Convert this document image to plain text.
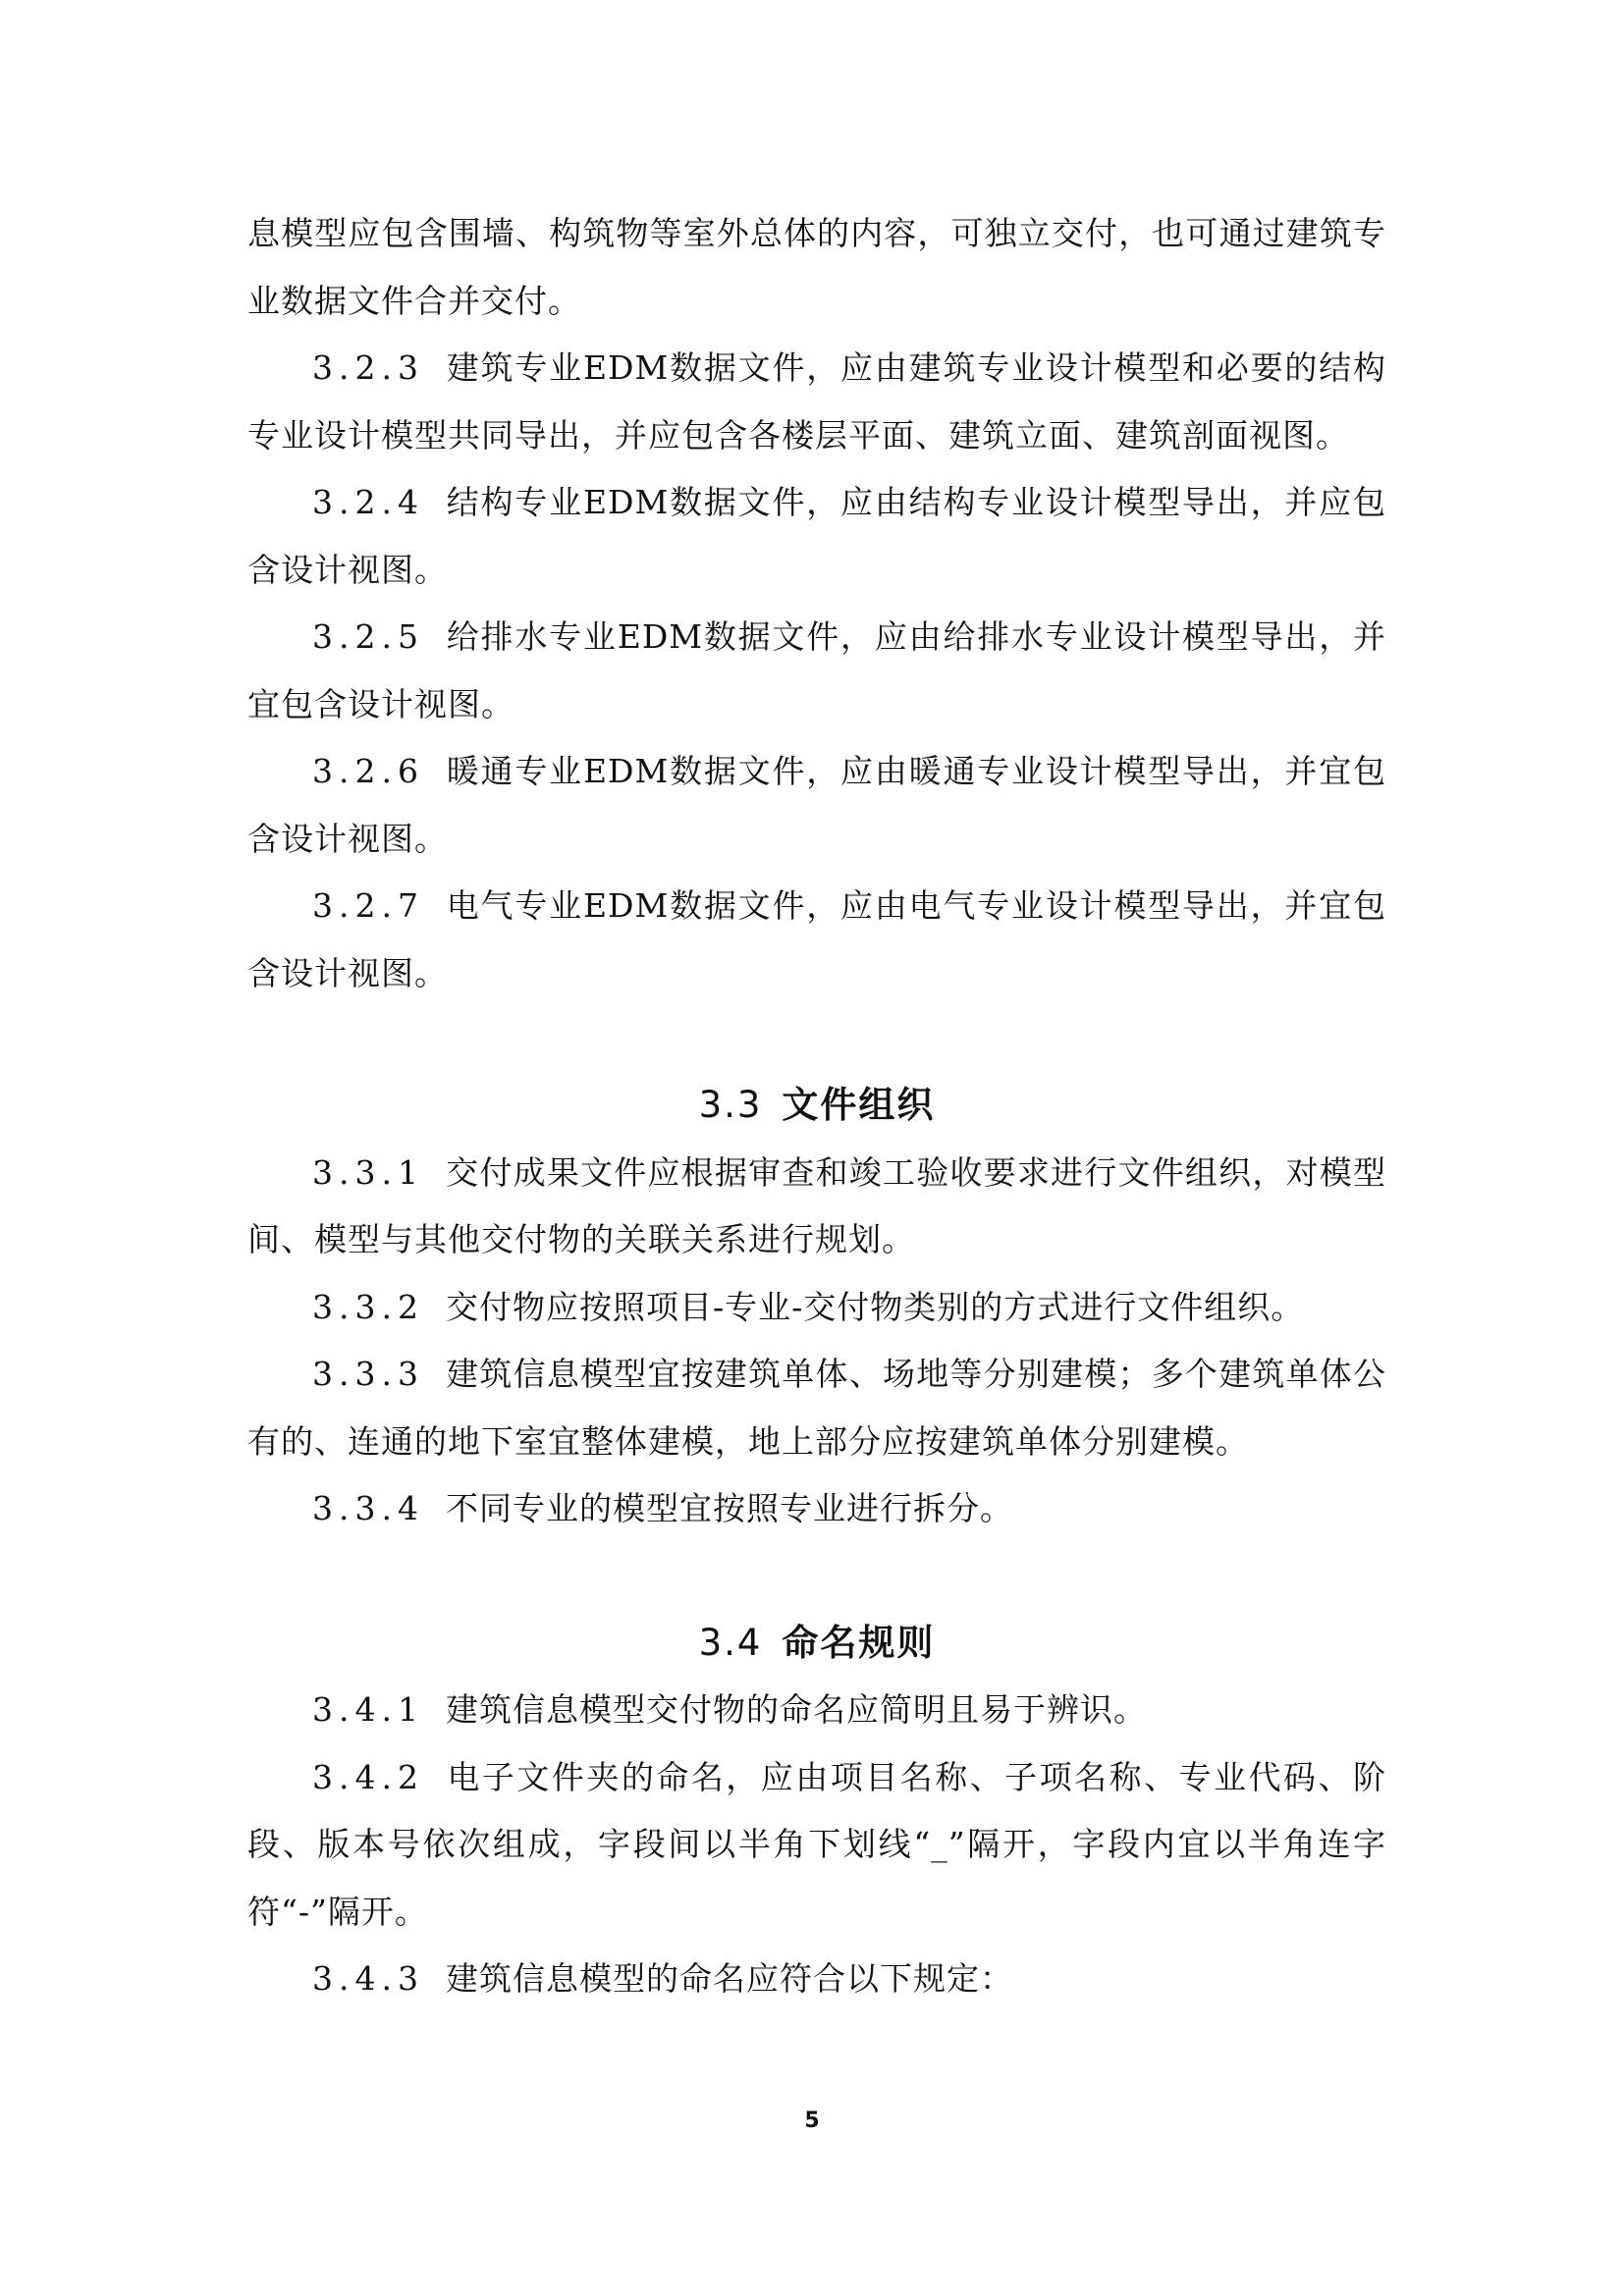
息模型应包含围墙、构筑物等室外总体的内容，可独立交付，也可通过建筑专业数据文件合并交付。

3.2.3 建筑专业EDM数据文件，应由建筑专业设计模型和必要的结构专业设计模型共同导出，并应包含各楼层平面、建筑立面、建筑剖面视图。

3.2.4 结构专业EDM数据文件，应由结构专业设计模型导出，并应包含设计视图。

3.2.5 给排水专业EDM数据文件，应由给排水专业设计模型导出，并宜包含设计视图。

3.2.6 暖通专业EDM数据文件，应由暖通专业设计模型导出，并宜包含设计视图。

3.2.7 电气专业EDM数据文件，应由电气专业设计模型导出，并宜包含设计视图。

3.3 文件组织

3.3.1 交付成果文件应根据审查和竣工验收要求进行文件组织，对模型间、模型与其他交付物的关联关系进行规划。

3.3.2 交付物应按照项目-专业-交付物类别的方式进行文件组织。

3.3.3 建筑信息模型宜按建筑单体、场地等分别建模；多个建筑单体公有的、连通的地下室宜整体建模，地上部分应按建筑单体分别建模。

3.3.4 不同专业的模型宜按照专业进行拆分。

3.4 命名规则

3.4.1 建筑信息模型交付物的命名应简明且易于辨识。

3.4.2 电子文件夹的命名，应由项目名称、子项名称、专业代码、阶段、版本号依次组成，字段间以半角下划线“_”隔开，字段内宜以半角连字符“-”隔开。

3.4.3 建筑信息模型的命名应符合以下规定：

5
